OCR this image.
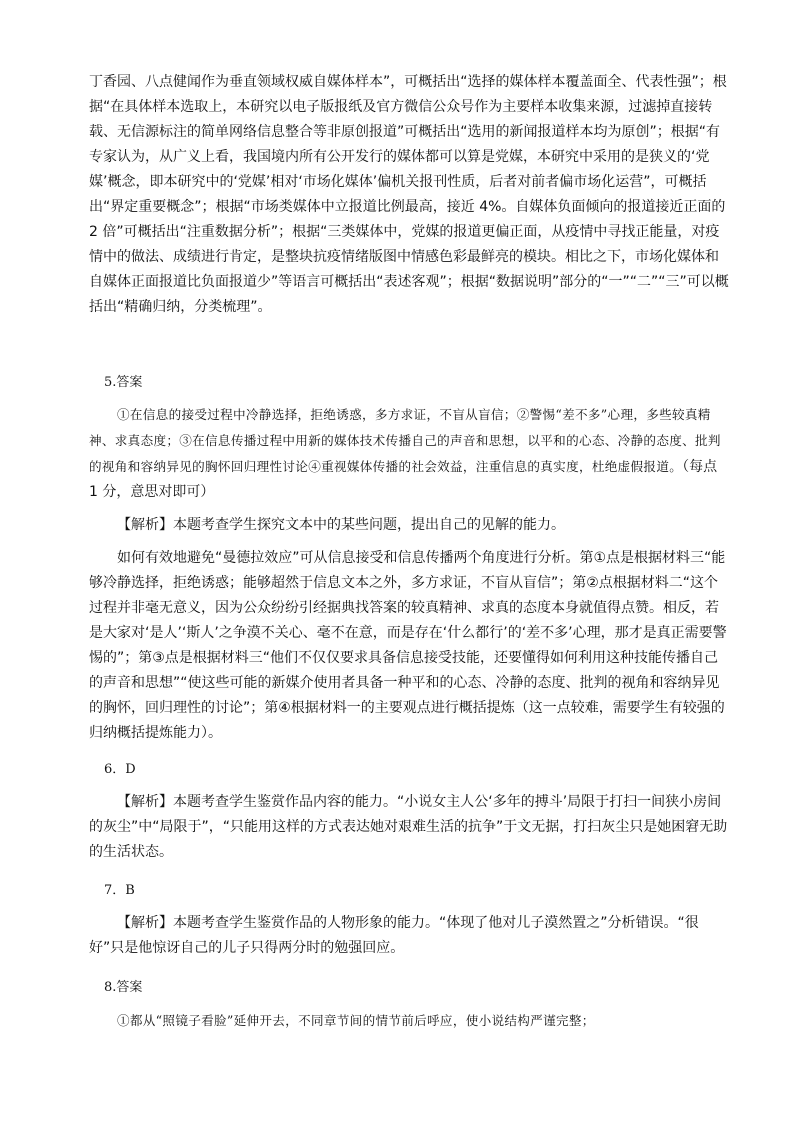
丁香园、八点健闻作为垂直领域权威自媒体样本”，可概括出“选择的媒体样本覆盖面全、代表性强”；根据“在具体样本选取上，本研究以电子版报纸及官方微信公众号作为主要样本收集来源，过滤掉直接转载、无信源标注的简单网络信息整合等非原创报道”可概括出“选用的新闻报道样本均为原创”；根据“有专家认为，从广义上看，我国境内所有公开发行的媒体都可以算是党媒，本研究中采用的是狭义的‘党媒’概念，即本研究中的‘党媒’相对‘市场化媒体’偏机关报刊性质，后者对前者偏市场化运营”，可概括出“界定重要概念”；根据“市场类媒体中立报道比例最高，接近 4%。自媒体负面倾向的报道接近正面的 2 倍”可概括出“注重数据分析”；根据“三类媒体中，党媒的报道更偏正面，从疫情中寻找正能量，对疫情中的做法、成绩进行肯定，是整块抗疫情绪版图中情感色彩最鲜亮的模块。相比之下，市场化媒体和自媒体正面报道比负面报道少”等语言可概括出“表述客观”；根据“数据说明”部分的“一”“二”“三”可以概括出“精确归纳，分类梳理”。

5.答案

①在信息的接受过程中冷静选择，拒绝诱惑，多方求证，不盲从盲信；②警惕“差不多”心理，多些较真精神、求真态度；③在信息传播过程中用新的媒体技术传播自己的声音和思想，以平和的心态、冷静的态度、批判的视角和容纳异见的胸怀回归理性讨论④重视媒体传播的社会效益，注重信息的真实度，杜绝虚假报道。（每点 1 分，意思对即可）

【解析】本题考查学生探究文本中的某些问题，提出自己的见解的能力。

如何有效地避免“曼德拉效应”可从信息接受和信息传播两个角度进行分析。第①点是根据材料三“能够冷静选择，拒绝诱惑；能够超然于信息文本之外，多方求证，不盲从盲信”；第②点根据材料二“这个过程并非毫无意义，因为公众纷纷引经据典找答案的较真精神、求真的态度本身就值得点赞。相反，若是大家对‘是人’‘斯人’之争漠不关心、毫不在意，而是存在‘什么都行’的‘差不多’心理，那才是真正需要警惕的”；第③点是根据材料三“他们不仅仅要求具备信息接受技能，还要懂得如何利用这种技能传播自己的声音和思想”“使这些可能的新媒介使用者具备一种平和的心态、冷静的态度、批判的视角和容纳异见的胸怀，回归理性的讨论”；第④根据材料一的主要观点进行概括提炼（这一点较难，需要学生有较强的归纳概括提炼能力）。

6．D

【解析】本题考查学生鉴赏作品内容的能力。“小说女主人公‘多年的搏斗’局限于打扫一间狭小房间的灰尘”中“局限于”，“只能用这样的方式表达她对艰难生活的抗争”于文无据，打扫灰尘只是她困窘无助的生活状态。

7．B

【解析】本题考查学生鉴赏作品的人物形象的能力。“体现了他对儿子漠然置之”分析错误。“很好”只是他惊讶自己的儿子只得两分时的勉强回应。

8.答案

①都从“照镜子看脸”延伸开去，不同章节间的情节前后呼应，使小说结构严谨完整；
